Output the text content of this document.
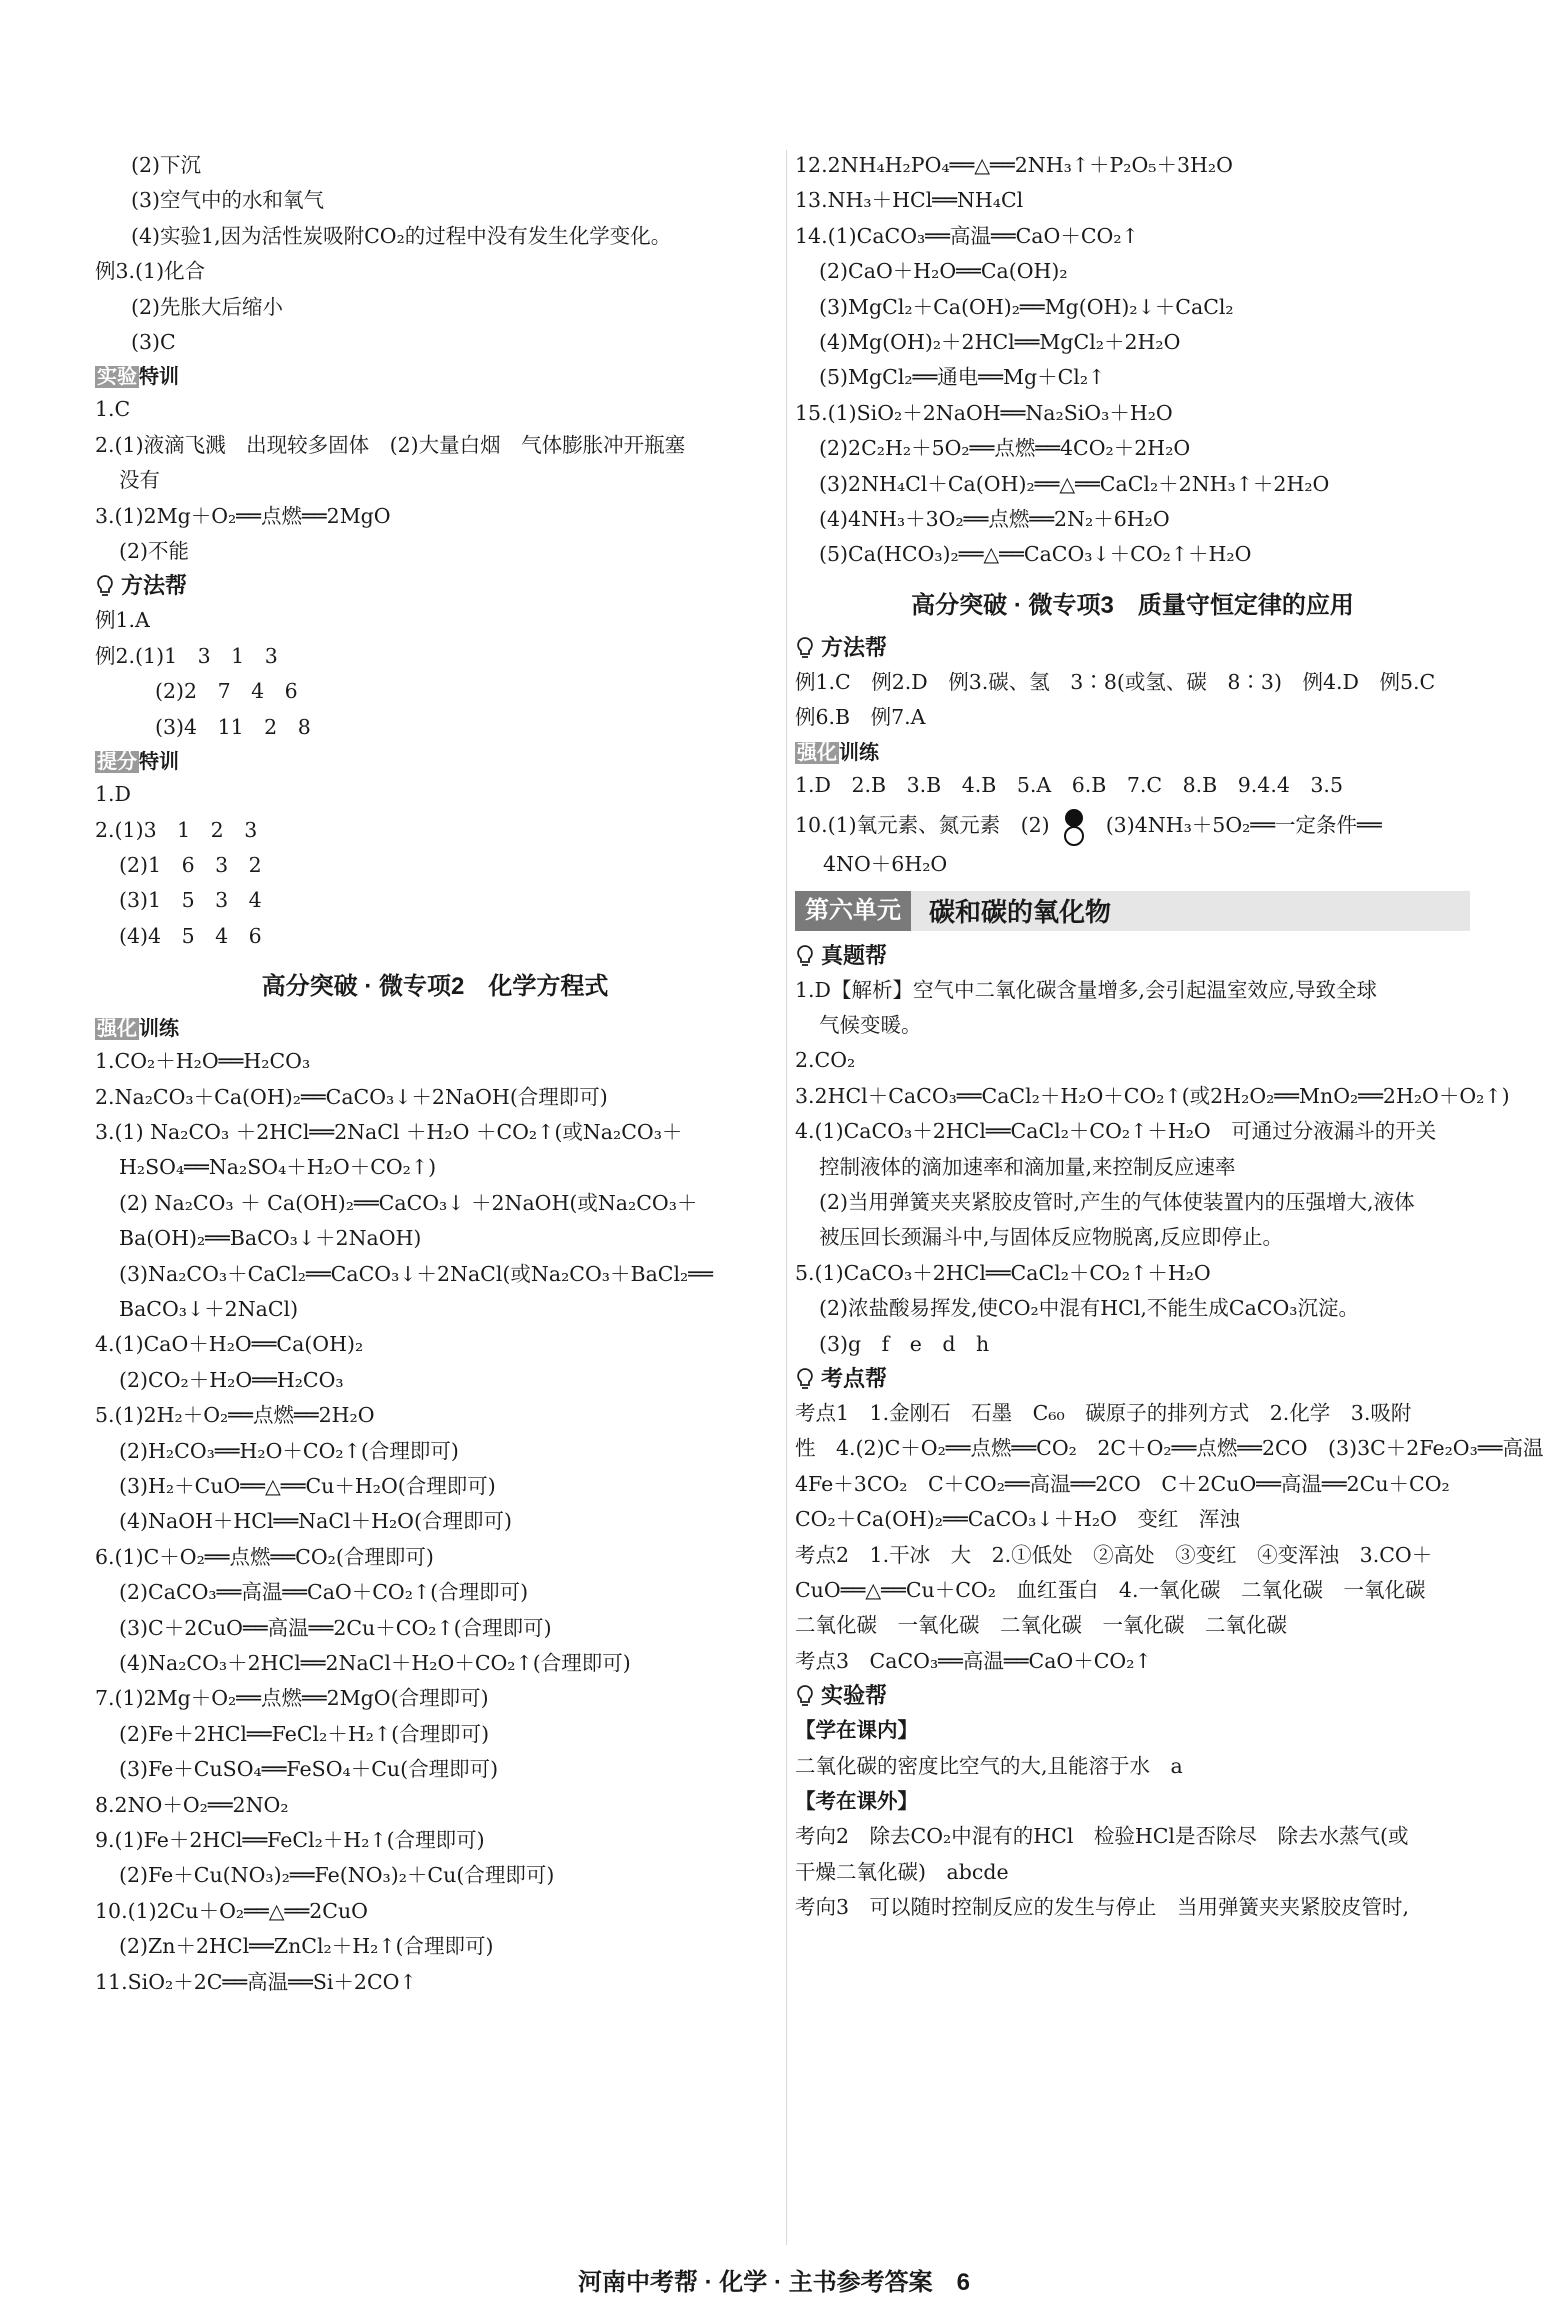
(2)下沉
(3)空气中的水和氧气
(4)实验1,因为活性炭吸附CO₂的过程中没有发生化学变化。
例3.(1)化合
(2)先胀大后缩小
(3)C
实验 特训
1.C
2.(1)液滴飞溅　出现较多固体　(2)大量白烟　气体膨胀冲开瓶塞
没有
3.(1)2Mg＋O₂══点燃══2MgO
(2)不能
方法帮
例1.A
例2.(1)1　3　1　3
(2)2　7　4　6
(3)4　11　2　8
提分 特训
1.D
2.(1)3　1　2　3
(2)1　6　3　2
(3)1　5　3　4
(4)4　5　4　6
高分突破 · 微专项2　化学方程式
强化 训练
1.CO₂＋H₂O══H₂CO₃
2.Na₂CO₃＋Ca(OH)₂══CaCO₃↓＋2NaOH(合理即可)
3.(1) Na₂CO₃ ＋2HCl══2NaCl ＋H₂O ＋CO₂↑(或Na₂CO₃＋
H₂SO₄══Na₂SO₄＋H₂O＋CO₂↑)
(2) Na₂CO₃ ＋ Ca(OH)₂══CaCO₃↓ ＋2NaOH(或Na₂CO₃＋
Ba(OH)₂══BaCO₃↓＋2NaOH)
(3)Na₂CO₃＋CaCl₂══CaCO₃↓＋2NaCl(或Na₂CO₃＋BaCl₂══
BaCO₃↓＋2NaCl)
4.(1)CaO＋H₂O══Ca(OH)₂
(2)CO₂＋H₂O══H₂CO₃
5.(1)2H₂＋O₂══点燃══2H₂O
(2)H₂CO₃══H₂O＋CO₂↑(合理即可)
(3)H₂＋CuO══△══Cu＋H₂O(合理即可)
(4)NaOH＋HCl══NaCl＋H₂O(合理即可)
6.(1)C＋O₂══点燃══CO₂(合理即可)
(2)CaCO₃══高温══CaO＋CO₂↑(合理即可)
(3)C＋2CuO══高温══2Cu＋CO₂↑(合理即可)
(4)Na₂CO₃＋2HCl══2NaCl＋H₂O＋CO₂↑(合理即可)
7.(1)2Mg＋O₂══点燃══2MgO(合理即可)
(2)Fe＋2HCl══FeCl₂＋H₂↑(合理即可)
(3)Fe＋CuSO₄══FeSO₄＋Cu(合理即可)
8.2NO＋O₂══2NO₂
9.(1)Fe＋2HCl══FeCl₂＋H₂↑(合理即可)
(2)Fe＋Cu(NO₃)₂══Fe(NO₃)₂＋Cu(合理即可)
10.(1)2Cu＋O₂══△══2CuO
(2)Zn＋2HCl══ZnCl₂＋H₂↑(合理即可)
11.SiO₂＋2C══高温══Si＋2CO↑
12.2NH₄H₂PO₄══△══2NH₃↑＋P₂O₅＋3H₂O
13.NH₃＋HCl══NH₄Cl
14.(1)CaCO₃══高温══CaO＋CO₂↑
(2)CaO＋H₂O══Ca(OH)₂
(3)MgCl₂＋Ca(OH)₂══Mg(OH)₂↓＋CaCl₂
(4)Mg(OH)₂＋2HCl══MgCl₂＋2H₂O
(5)MgCl₂══通电══Mg＋Cl₂↑
15.(1)SiO₂＋2NaOH══Na₂SiO₃＋H₂O
(2)2C₂H₂＋5O₂══点燃══4CO₂＋2H₂O
(3)2NH₄Cl＋Ca(OH)₂══△══CaCl₂＋2NH₃↑＋2H₂O
(4)4NH₃＋3O₂══点燃══2N₂＋6H₂O
(5)Ca(HCO₃)₂══△══CaCO₃↓＋CO₂↑＋H₂O
高分突破 · 微专项3　质量守恒定律的应用
方法帮
例1.C　例2.D　例3.碳、氢　3∶8(或氢、碳　8∶3)　例4.D　例5.C
例6.B　例7.A
强化 训练
1.D　2.B　3.B　4.B　5.A　6.B　7.C　8.B　9.4.4　3.5
10.(1)氧元素、氮元素　(2)	(3)4NH₃＋5O₂══一定条件══
4NO＋6H₂O
第六单元	碳和碳的氧化物
真题帮
1.D【解析】空气中二氧化碳含量增多,会引起温室效应,导致全球
气候变暖。
2.CO₂
3.2HCl＋CaCO₃══CaCl₂＋H₂O＋CO₂↑(或2H₂O₂══MnO₂══2H₂O＋O₂↑)
4.(1)CaCO₃＋2HCl══CaCl₂＋CO₂↑＋H₂O　可通过分液漏斗的开关
控制液体的滴加速率和滴加量,来控制反应速率
(2)当用弹簧夹夹紧胶皮管时,产生的气体使装置内的压强增大,液体
被压回长颈漏斗中,与固体反应物脱离,反应即停止。
5.(1)CaCO₃＋2HCl══CaCl₂＋CO₂↑＋H₂O
(2)浓盐酸易挥发,使CO₂中混有HCl,不能生成CaCO₃沉淀。
(3)g　f　e　d　h
考点帮
考点1　1.金刚石　石墨　C₆₀　碳原子的排列方式　2.化学　3.吸附
性　4.(2)C＋O₂══点燃══CO₂　2C＋O₂══点燃══2CO　(3)3C＋2Fe₂O₃══高温
4Fe＋3CO₂　C＋CO₂══高温══2CO　C＋2CuO══高温══2Cu＋CO₂
CO₂＋Ca(OH)₂══CaCO₃↓＋H₂O　变红　浑浊
考点2　1.干冰　大　2.①低处　②高处　③变红　④变浑浊　3.CO＋
CuO══△══Cu＋CO₂　血红蛋白　4.一氧化碳　二氧化碳　一氧化碳
二氧化碳　一氧化碳　二氧化碳　一氧化碳　二氧化碳
考点3　CaCO₃══高温══CaO＋CO₂↑
实验帮
【学在课内】
二氧化碳的密度比空气的大,且能溶于水　a
【考在课外】
考向2　除去CO₂中混有的HCl　检验HCl是否除尽　除去水蒸气(或
干燥二氧化碳)　abcde
考向3　可以随时控制反应的发生与停止　当用弹簧夹夹紧胶皮管时,
河南中考帮 · 化学 · 主书参考答案　6
